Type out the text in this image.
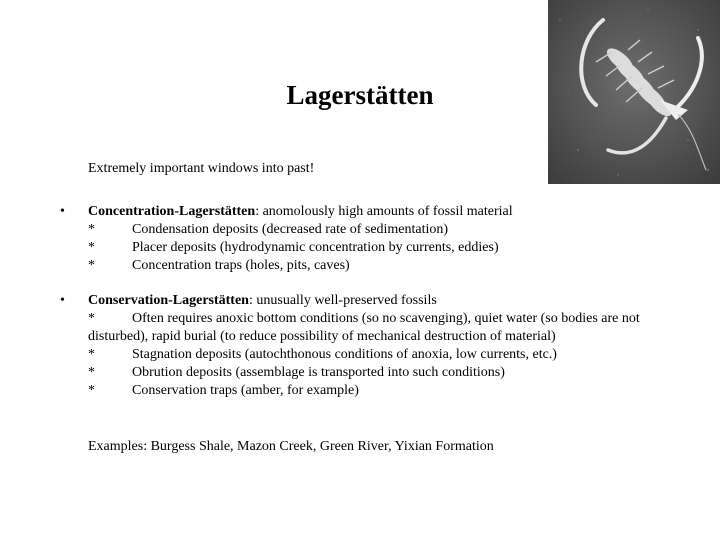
Lagerstätten
Extremely important windows into past!
•	Concentration-Lagerstätten: anomolously high amounts of fossil material
*	Condensation deposits (decreased rate of sedimentation)
*	Placer deposits (hydrodynamic concentration by currents, eddies)
*	Concentration traps (holes, pits, caves)
•	Conservation-Lagerstätten: unusually well-preserved fossils
*	Often requires anoxic bottom conditions (so no scavenging), quiet water (so bodies are not disturbed), rapid burial (to reduce possibility of mechanical destruction of material)
*	Stagnation deposits (autochthonous conditions of anoxia, low currents, etc.)
*	Obrution deposits (assemblage is transported into such conditions)
*	Conservation traps (amber, for example)
Examples: Burgess Shale, Mazon Creek, Green River, Yixian Formation
